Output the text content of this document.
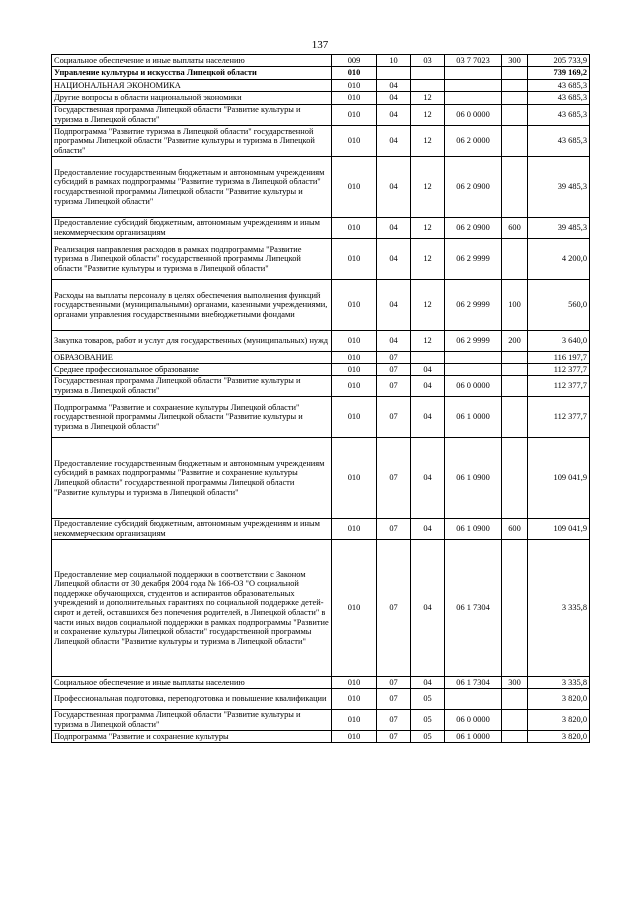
137
Социальное обеспечение и иные выплаты населению	009	10	03	03 7 7023	300	205 733,9
Управление культуры и искусства Липецкой области	010					739 169,2
НАЦИОНАЛЬНАЯ ЭКОНОМИКА	010	04				43 685,3
Другие вопросы в области национальной экономики	010	04	12			43 685,3
Государственная программа Липецкой области "Развитие культуры и туризма в Липецкой области"	010	04	12	06 0 0000		43 685,3
Подпрограмма "Развитие туризма в Липецкой области" государственной программы Липецкой области "Развитие культуры и туризма в Липецкой области"	010	04	12	06 2 0000		43 685,3
Предоставление государственным бюджетным и автономным учреждениям субсидий в рамках подпрограммы "Развитие туризма в Липецкой области" государственной программы Липецкой области "Развитие культуры и туризма Липецкой области"	010	04	12	06 2 0900		39 485,3
Предоставление субсидий бюджетным, автономным учреждениям и иным некоммерческим организациям	010	04	12	06 2 0900	600	39 485,3
Реализация направления расходов в рамках подпрограммы "Развитие туризма в Липецкой области" государственной программы Липецкой области "Развитие культуры и туризма в Липецкой области"	010	04	12	06 2 9999		4 200,0
Расходы на выплаты персоналу в целях обеспечения выполнения функций государственными (муниципальными) органами, казенными учреждениями, органами управления государственными внебюджетными фондами	010	04	12	06 2 9999	100	560,0
Закупка товаров, работ и услуг для государственных (муниципальных) нужд	010	04	12	06 2 9999	200	3 640,0
ОБРАЗОВАНИЕ	010	07				116 197,7
Среднее профессиональное образование	010	07	04			112 377,7
Государственная программа Липецкой области "Развитие культуры и туризма в Липецкой области"	010	07	04	06 0 0000		112 377,7
Подпрограмма "Развитие и сохранение культуры Липецкой области" государственной программы Липецкой области "Развитие культуры и туризма в Липецкой области"	010	07	04	06 1 0000		112 377,7
Предоставление государственным бюджетным и автономным учреждениям субсидий в рамках подпрограммы "Развитие и сохранение культуры Липецкой области" государственной программы Липецкой области "Развитие культуры и туризма в Липецкой области"	010	07	04	06 1 0900		109 041,9
Предоставление субсидий бюджетным, автономным учреждениям и иным некоммерческим организациям	010	07	04	06 1 0900	600	109 041,9
Предоставление мер социальной поддержки в соответствии с Законом Липецкой области от 30 декабря 2004 года № 166-ОЗ "О социальной поддержке обучающихся, студентов и аспирантов образовательных учреждений и дополнительных гарантиях по социальной поддержке детей-сирот и детей, оставшихся без попечения родителей, в Липецкой области" в части иных видов социальной поддержки в рамках подпрограммы "Развитие и сохранение культуры Липецкой области" государственной программы Липецкой области "Развитие культуры и туризма в Липецкой области"	010	07	04	06 1 7304		3 335,8
Социальное обеспечение и иные выплаты населению	010	07	04	06 1 7304	300	3 335,8
Профессиональная подготовка, переподготовка и повышение квалификации	010	07	05			3 820,0
Государственная программа Липецкой области "Развитие культуры и туризма в Липецкой области"	010	07	05	06 0 0000		3 820,0
Подпрограмма "Развитие и сохранение культуры	010	07	05	06 1 0000		3 820,0
